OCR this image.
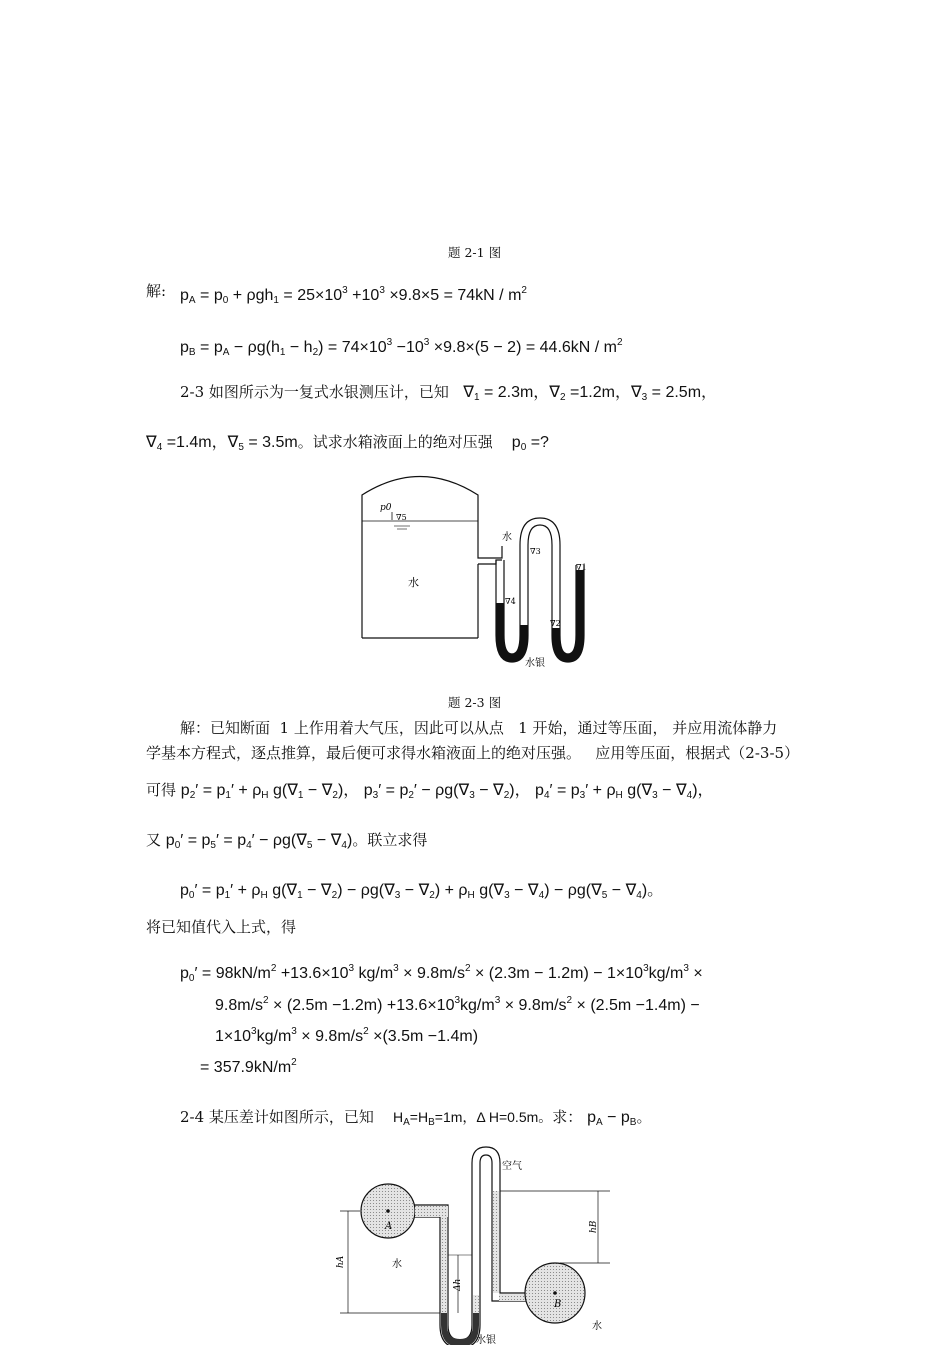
题 2-1 图
解: $p_A = p_0 + \rho gh_1 = 25\times 10^3 +10^3 \times 9.8\times 5 = 74kN / m^2$
$p_B = p_A - \rho g(h_1 - h_2) = 74\times 10^3 -10^3 \times 9.8\times(5 - 2) = 44.6kN / m^2$
2-3 如图所示为一复式水银测压计，已知   $\nabla_1 = 2.3m$，$\nabla_2 =1.2m$，$\nabla_3 = 2.5m$，
$\nabla_4 =1.4m$，$\nabla_5 = 3.5m$。试求水箱液面上的绝对压强    $p_0$ =?
p0
∇5
水
水
∇3
∇1
∇4
∇2
水银
题 2-3 图
解：已知断面  1 上作用着大气压，因此可以从点   1 开始，通过等压面， 并应用流体静力
学基本方程式，逐点推算，最后便可求得水箱液面上的绝对压强。   应用等压面，根据式（2-3-5）
可得 $p_2' = p_1' + \rho_H$ $g(\nabla_1 - \nabla_2)$， $p_3' = p_2' - \rho g(\nabla_3 - \nabla_2)$， $p_4' = p_3' + \rho_H$ $g(\nabla_3 - \nabla_4)$，
又 $p_0' = p_5' = p_4' - \rho g(\nabla_5 - \nabla_4)$。联立求得
$p_0' = p_1' + \rho_H$ $g(\nabla_1 - \nabla_2) - \rho g(\nabla_3 - \nabla_2) + \rho_H$ $g(\nabla_3 - \nabla_4) - \rho g(\nabla_5 - \nabla_4)$。
将已知值代入上式，得
$p_0' = 98kN/m^2 +13.6\times 10^3$ $kg/m^3 \times 9.8m/s^2 \times (2.3m - 1.2m) - 1\times 10^3kg/m^3$ ×
$9.8m/s^2 \times (2.5m -1.2m) +13.6\times 10^3kg/m^3 \times 9.8m/s^2 \times (2.5m -1.4m)$ −
$1\times 10^3kg/m^3 \times 9.8m/s^2 \times(3.5m -1.4m)$
= $357.9kN/m^2$
2-4 某压差计如图所示，已知    $H_A=H_B=1m$，Δ H=0.5m。求： $p_A - p_B$。
空气
A
水
B
水
hA
hB
Δh
水银
